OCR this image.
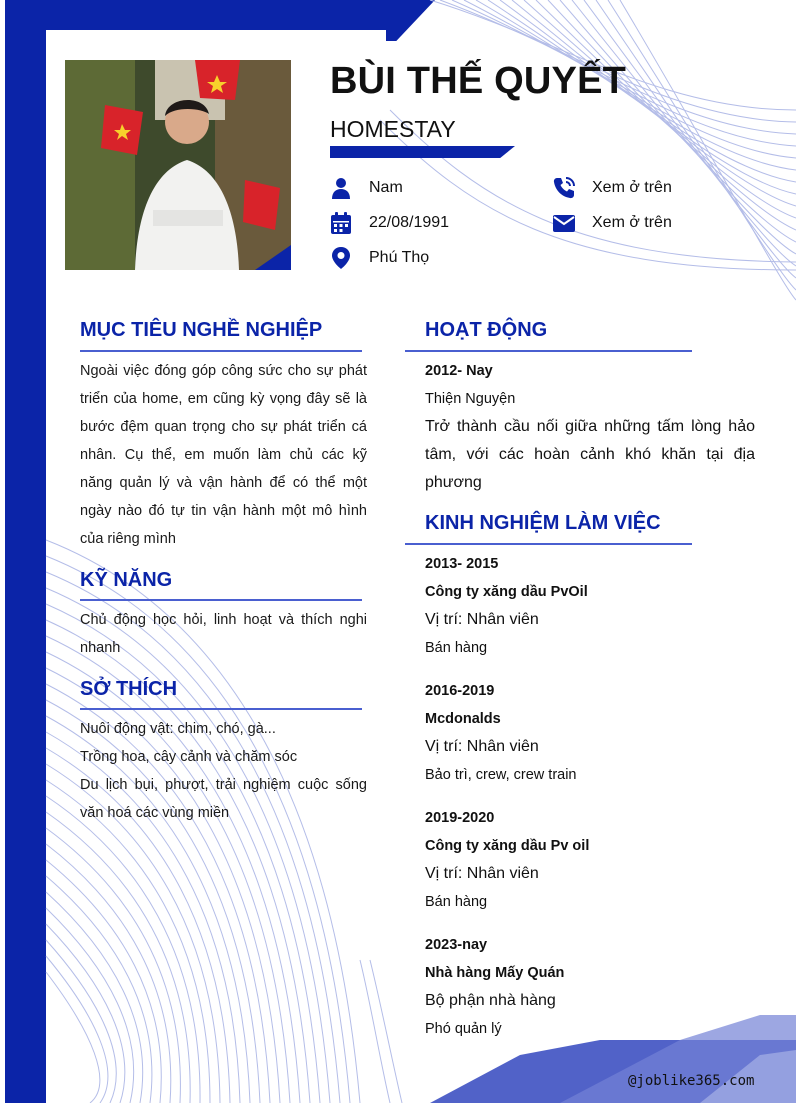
BÙI THẾ QUYẾT
HOMESTAY
Nam
22/08/1991
Phú Thọ
Xem ở trên
Xem ở trên
MỤC TIÊU NGHỀ NGHIỆP
Ngoài việc đóng góp công sức cho sự phát triển của home, em cũng kỳ vọng đây sẽ là bước đệm quan trọng cho sự phát triển cá nhân. Cụ thể, em muốn làm chủ các kỹ năng quản lý và vận hành để có thể một ngày nào đó tự tin vận hành một mô hình của riêng mình
KỸ NĂNG
Chủ động học hỏi, linh hoạt và thích nghi nhanh
SỞ THÍCH
Nuôi động vật: chim, chó, gà...
Trồng hoa, cây cảnh và chăm sóc
Du lịch bụi, phượt, trải nghiệm cuộc sống văn hoá các vùng miền
HOẠT ĐỘNG
2012- Nay
Thiện Nguyện
Trở thành cầu nối giữa những tấm lòng hảo tâm, với các hoàn cảnh khó khăn tại địa phương
KINH NGHIỆM LÀM VIỆC
2013- 2015
Công ty xăng dầu PvOil
Vị trí: Nhân viên
Bán hàng
2016-2019
Mcdonalds
Vị trí: Nhân viên
Bảo trì, crew, crew train
2019-2020
Công ty xăng dầu Pv oil
Vị trí: Nhân viên
Bán hàng
2023-nay
Nhà hàng Mấy Quán
Bộ phận nhà hàng
Phó quản lý
@joblike365.com
